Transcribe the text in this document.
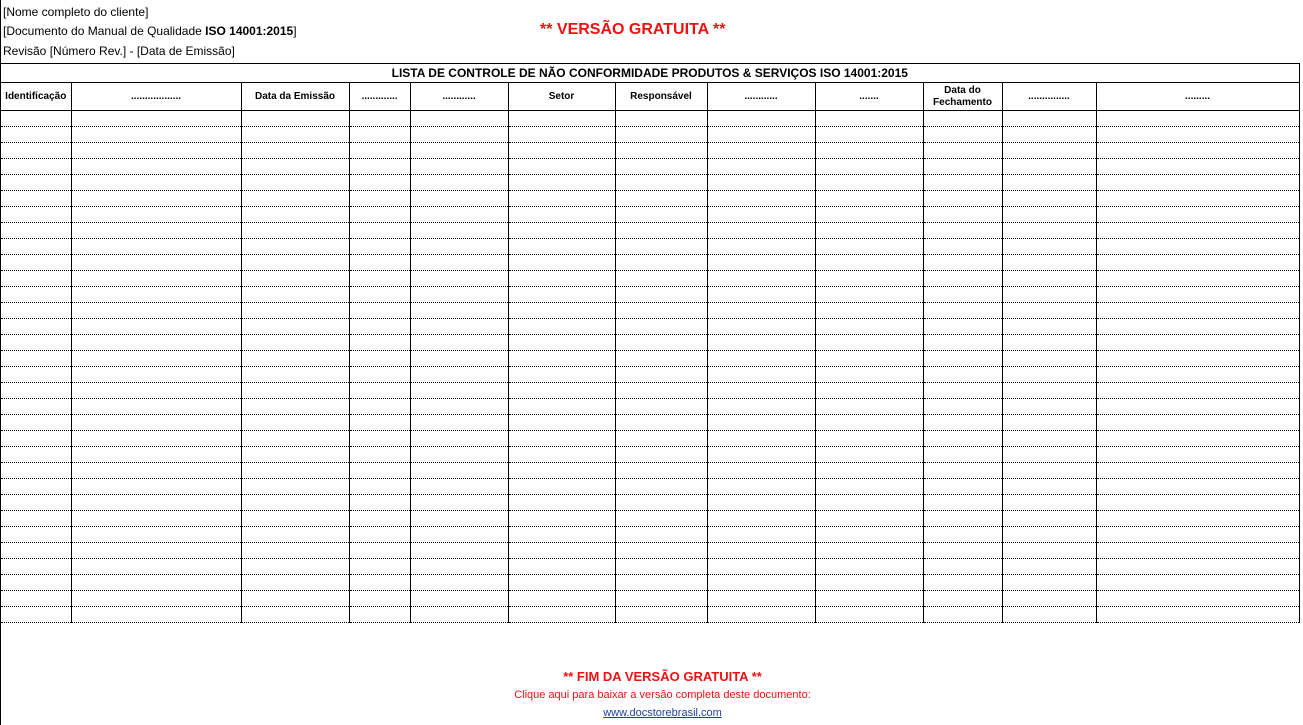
[Nome completo do cliente]
[Documento do Manual de Qualidade ISO 14001:2015]
Revisão [Número Rev.] - [Data de Emissão]
** VERSÃO GRATUITA **
LISTA DE CONTROLE DE NÃO CONFORMIDADE PRODUTOS & SERVIÇOS ISO 14001:2015											
Identificação	..................	Data da Emissão	.............	............	Setor	Responsável	............	.......	Data do Fechamento	...............	.........

** FIM DA VERSÃO GRATUITA **
Clique aqui para baixar a versão completa deste documento:
www.docstorebrasil.com
